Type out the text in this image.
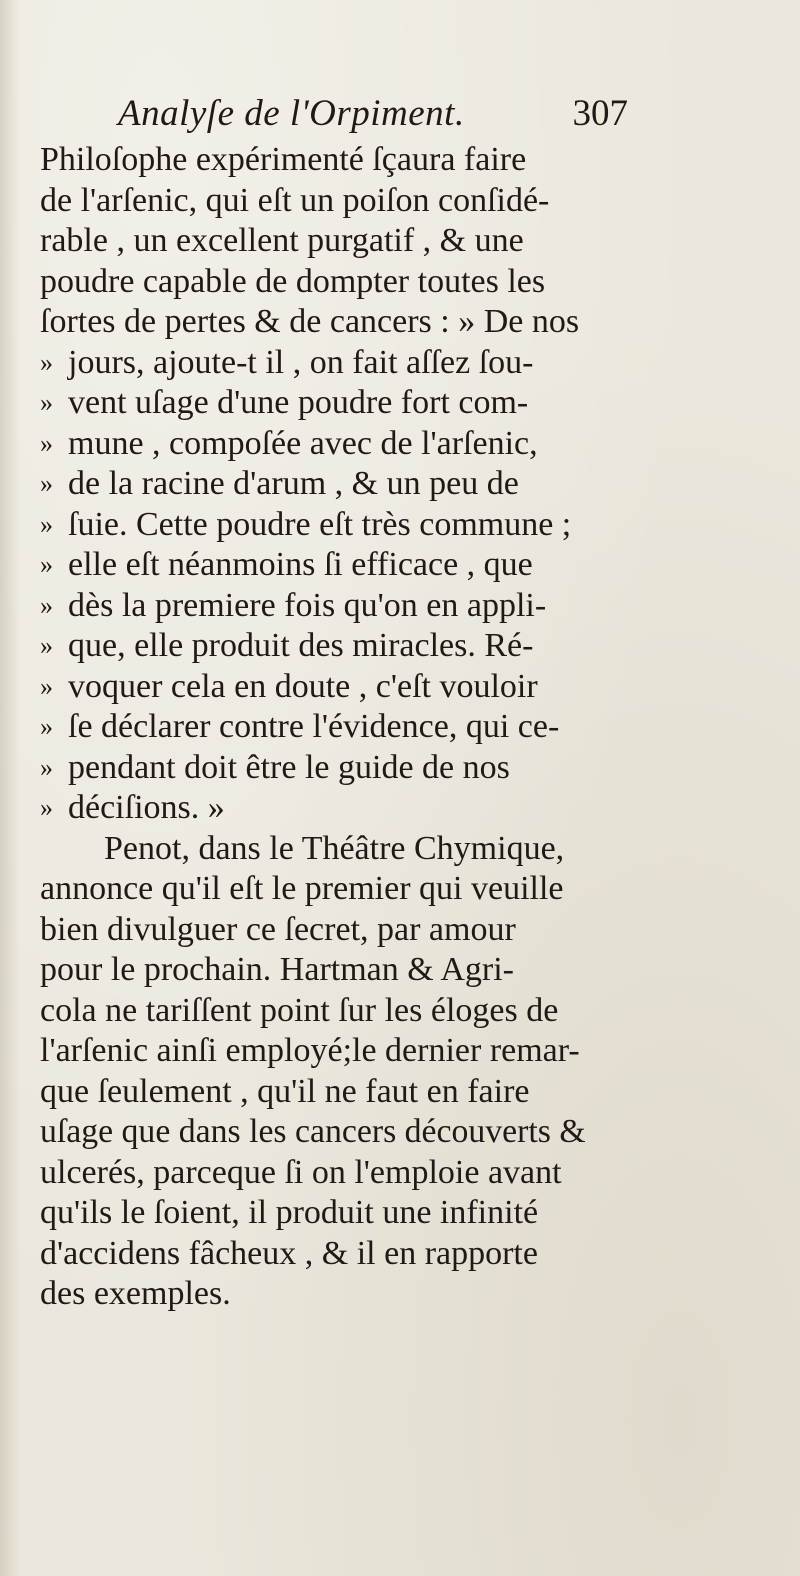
Analyſe de l'Orpiment.	307
Philoſophe expérimenté ſçaura faire
de l'arſenic, qui eſt un poiſon conſidé-
rable , un excellent purgatif , & une
poudre capable de dompter toutes les
ſortes de pertes & de cancers : » De nos
» jours, ajoute-t il , on fait aſſez ſou-
» vent uſage d'une poudre fort com-
» mune , compoſée avec de l'arſenic,
» de la racine d'arum , & un peu de
» ſuie. Cette poudre eſt très commune ;
» elle eſt néanmoins ſi efficace , que
» dès la premiere fois qu'on en appli-
» que, elle produit des miracles. Ré-
» voquer cela en doute , c'eſt vouloir
» ſe déclarer contre l'évidence, qui ce-
» pendant doit être le guide de nos
» déciſions. »
Penot, dans le Théâtre Chymique,
annonce qu'il eſt le premier qui veuille
bien divulguer ce ſecret, par amour
pour le prochain. Hartman & Agri-
cola ne tariſſent point ſur les éloges de
l'arſenic ainſi employé;le dernier remar-
que ſeulement , qu'il ne faut en faire
uſage que dans les cancers découverts &
ulcerés, parceque ſi on l'emploie avant
qu'ils le ſoient, il produit une infinité
d'accidens fâcheux , & il en rapporte
des exemples.
